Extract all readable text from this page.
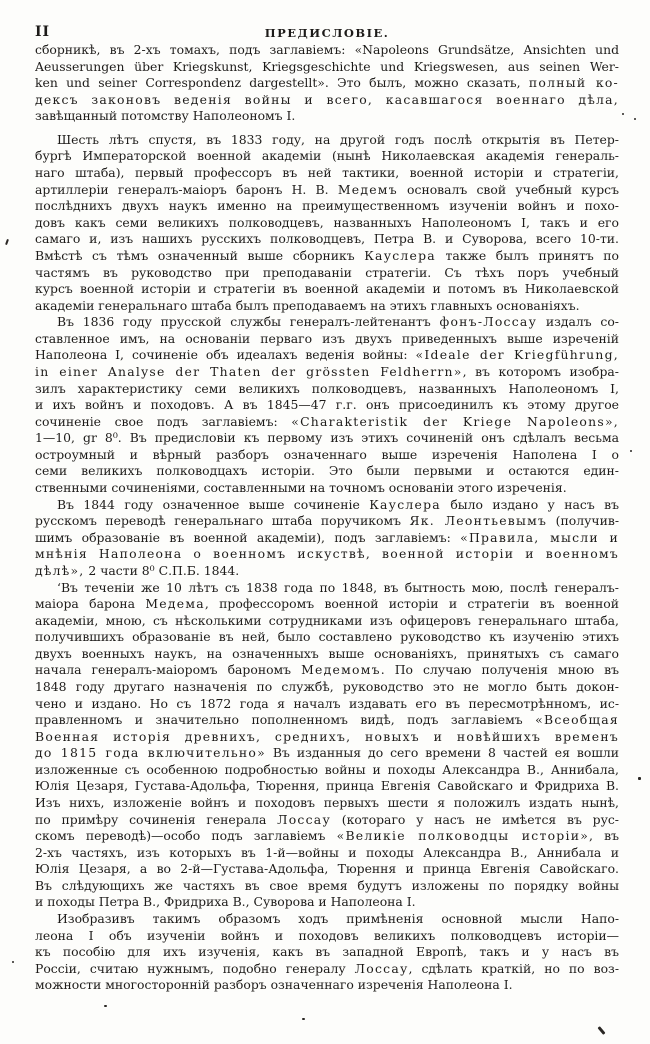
II	ПРЕДИСЛОВІЕ.
сборникѣ, въ 2-хъ томахъ, подъ заглавіемъ: «Napoleons Grundsätze, Ansichten und
Aeusserungen über Kriegskunst, Kriegsgeschichte und Kriegswesen, aus seinen Wer-
ken und seiner Correspondenz dargestellt». Это былъ, можно сказать, полный ко-
дексъ законовъ веденія войны и всего, касавшагося военнаго дѣла,
завѣщанный потомству Наполеономъ I.
Шесть лѣтъ спустя, въ 1833 году, на другой годъ послѣ открытія въ Петер-
бургѣ Императорской военной академіи (нынѣ Николаевская академія генераль-
наго штаба), первый профессоръ въ ней тактики, военной исторіи и стратегіи,
артиллеріи генералъ-маіоръ баронъ Н. В. Медемъ основалъ свой учебный курсъ
послѣднихъ двухъ наукъ именно на преимущественномъ изученіи войнъ и похо-
довъ какъ семи великихъ полководцевъ, названныхъ Наполеономъ I, такъ и его
самаго и, изъ нашихъ русскихъ полководцевъ, Петра В. и Суворова, всего 10-ти.
Вмѣстѣ съ тѣмъ означенный выше сборникъ Кауслера также былъ принятъ по
частямъ въ руководство при преподаваніи стратегіи. Съ тѣхъ поръ учебный
курсъ военной исторіи и стратегіи въ военной академіи и потомъ въ Николаевской
академіи генеральнаго штаба былъ преподаваемъ на этихъ главныхъ основаніяхъ.
Въ 1836 году прусской службы генералъ-лейтенантъ фонъ-Лоссау издалъ со-
ставленное имъ, на основаніи перваго изъ двухъ приведенныхъ выше изреченій
Наполеона I, сочиненіе объ идеалахъ веденія войны: «Ideale der Kriegführung,
in einer Analyse der Thaten der grössten Feldherrn», въ которомъ изобра-
зилъ характеристику семи великихъ полководцевъ, названныхъ Наполеономъ I,
и ихъ войнъ и походовъ. А въ 1845—47 г.г. онъ присоединилъ къ этому другое
сочиненіе свое подъ заглавіемъ: «Charakteristik der Kriege Napoleons»,
1—10, gr 8⁰. Въ предисловіи къ первому изъ этихъ сочиненій онъ сдѣлалъ весьма
остроумный и вѣрный разборъ означеннаго выше изреченія Наполена I о
семи великихъ полководцахъ исторіи. Это были первыми и остаются един-
ственными сочиненіями, составленными на точномъ основаніи этого изреченія.
Въ 1844 году означенное выше сочиненіе Кауслера было издано у насъ въ
русскомъ переводѣ генеральнаго штаба поручикомъ Як. Леонтьевымъ (получив-
шимъ образованіе въ военной академіи), подъ заглавіемъ: «Правила, мысли и
мнѣнія Наполеона о военномъ искуствѣ, военной исторіи и военномъ
дѣлѣ», 2 части 8⁰ С.П.Б. 1844.
‘Въ теченіи же 10 лѣтъ съ 1838 года по 1848, въ бытность мою, послѣ генералъ-
маіора барона Медема, профессоромъ военной исторіи и стратегіи въ военной
академіи, мною, съ нѣсколькими сотрудниками изъ офицеровъ генеральнаго штаба,
получившихъ образованіе въ ней, было составлено руководство къ изученію этихъ
двухъ военныхъ наукъ, на означенныхъ выше основаніяхъ, принятыхъ съ самаго
начала генералъ-маіоромъ барономъ Медемомъ. По случаю полученія мною въ
1848 году другаго назначенія по службѣ, руководство это не могло быть докон-
чено и издано. Но съ 1872 года я началъ издавать его въ пересмотрѣнномъ, ис-
правленномъ и значительно пополненномъ видѣ, подъ заглавіемъ «Всеобщая
Военная исторія древнихъ, среднихъ, новыхъ и новѣйшихъ временъ
до 1815 года включительно» Въ изданныя до сего времени 8 частей ея вошли
изложенные съ особенною подробностью войны и походы Александра В., Аннибала,
Юлія Цезаря, Густава-Адольфа, Тюрення, принца Евгенія Савойскаго и Фридриха В.
Изъ нихъ, изложеніе войнъ и походовъ первыхъ шести я положилъ издать нынѣ,
по примѣру сочиненія генерала Лоссау (котораго у насъ не имѣется въ рус-
скомъ переводѣ)—особо подъ заглавіемъ «Великіе полководцы исторіи», въ
2-хъ частяхъ, изъ которыхъ въ 1-й—войны и походы Александра В., Аннибала и
Юлія Цезаря, а во 2-й—Густава-Адольфа, Тюрення и принца Евгенія Савойскаго.
Въ слѣдующихъ же частяхъ въ свое время будутъ изложены по порядку войны
и походы Петра В., Фридриха В., Суворова и Наполеона I.
Изобразивъ такимъ образомъ ходъ примѣненія основной мысли Напо-
леона I объ изученіи войнъ и походовъ великихъ полководцевъ исторіи—
къ пособію для ихъ изученія, какъ въ западной Европѣ, такъ и у насъ въ
Россіи, считаю нужнымъ, подобно генералу Лоссау, сдѣлать краткій, но по воз-
можности многосторонній разборъ означеннаго изреченія Наполеона I.
